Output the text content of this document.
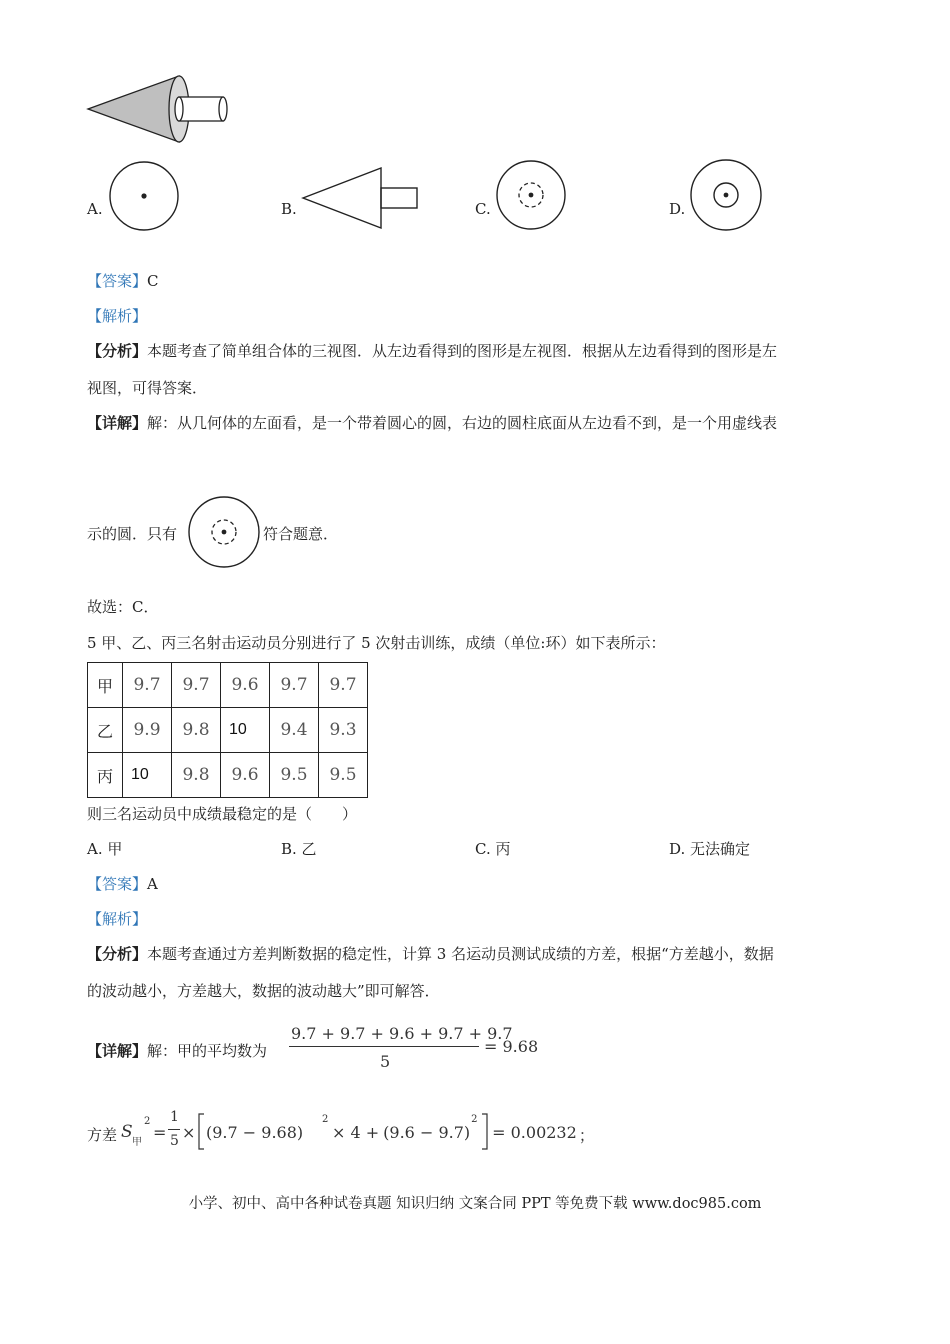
A.	B.	C.	D.
【答案】C
【解析】
【分析】本题考查了简单组合体的三视图．从左边看得到的图形是左视图．根据从左边看得到的图形是左
视图，可得答案．
【详解】解：从几何体的左面看，是一个带着圆心的圆，右边的圆柱底面从左边看不到，是一个用虚线表
示的圆．只有	符合题意．
故选：C．
5 甲、乙、丙三名射击运动员分别进行了 5 次射击训练，成绩（单位:环）如下表所示：
甲	9.7	9.7	9.6	9.7	9.7
乙	9.9	9.8	10	9.4	9.3
丙	10	9.8	9.6	9.5	9.5
则三名运动员中成绩最稳定的是（　　）
A. 甲	B. 乙	C. 丙	D. 无法确定
【答案】A
【解析】
【分析】本题考查通过方差判断数据的稳定性，计算 3 名运动员测试成绩的方差，根据“方差越小，数据
的波动越小，方差越大，数据的波动越大”即可解答．
【详解】解：甲的平均数为
9.7 + 9.7 + 9.6 + 9.7 + 9.7
5
= 9.68
方差 S
甲
2
=
1
5 × (9.7 − 9.68)
2
× 4 + (9.6 − 9.7)
2
= 0.00232 ；
小学、初中、高中各种试卷真题 知识归纳 文案合同 PPT 等免费下载 www.doc985.com
